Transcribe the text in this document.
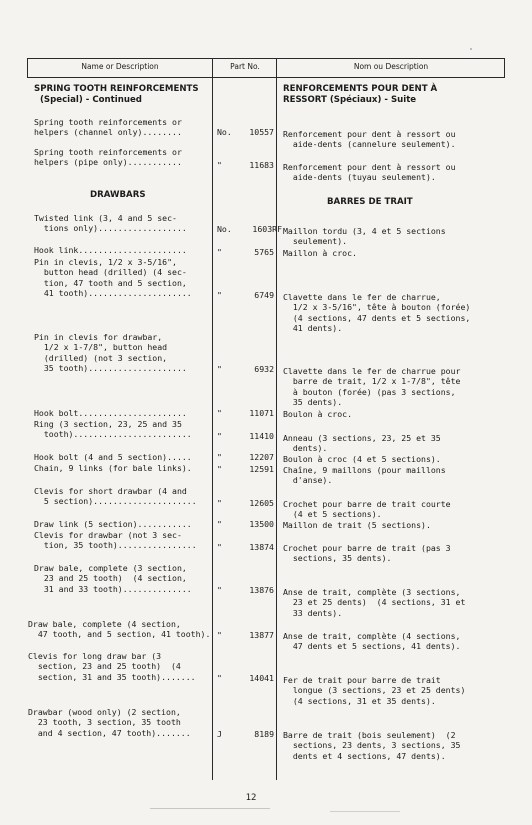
Name or Description	Part No.	Nom ou Description
SPRING TOOTH REINFORCEMENTS
(Special) - Continued
RENFORCEMENTS POUR DENT À
RESSORT (Spéciaux) - Suite
Spring tooth reinforcements or
helpers (channel only)........	No. 10557 Renforcement pour dent à ressort ou
aide-dents (cannelure seulement).
Spring tooth reinforcements or
helpers (pipe only)...........	"	11683 Renforcement pour dent à ressort ou
aide-dents (tuyau seulement).
DRAWBARS
BARRES DE TRAIT
Twisted link (3, 4 and 5 sec-
tions only)..................	No.	1603RF Maillon tordu (3, 4 et 5 sections
seulement).
Hook link......................	"	5765 Maillon à croc.
Pin in clevis, 1/2 x 3-5/16",
button head (drilled) (4 sec-
tion, 47 tooth and 5 section,
41 tooth).....................	"	6749 Clavette dans le fer de charrue,
1/2 x 3-5/16", tête à bouton (forée)
(4 sections, 47 dents et 5 sections,
41 dents).
Pin in clevis for drawbar,
1/2 x 1-7/8", button head
(drilled) (not 3 section,
35 tooth)....................	"	6932 Clavette dans le fer de charrue pour
barre de trait, 1/2 x 1-7/8", tête
à bouton (forée) (pas 3 sections,
35 dents).
Hook bolt......................	"	11071 Boulon à croc.
Ring (3 section, 23, 25 and 35
tooth)........................	"	11410 Anneau (3 sections, 23, 25 et 35
dents).
Hook bolt (4 and 5 section).....	"	12207 Boulon à croc (4 et 5 sections).
Chain, 9 links (for bale links).	"	12591 Chaîne, 9 maillons (pour maillons
d'anse).
Clevis for short drawbar (4 and
5 section)..................... "	12605 Crochet pour barre de trait courte
(4 et 5 sections).
Draw link (5 section)...........	"	13500 Maillon de trait (5 sections).
Clevis for drawbar (not 3 sec-
tion, 35 tooth)................ "	13874 Crochet pour barre de trait (pas 3
sections, 35 dents).
Draw bale, complete (3 section,
23 and 25 tooth)  (4 section,
31 and 33 tooth)..............	"	13876 Anse de trait, complète (3 sections,
23 et 25 dents)  (4 sections, 31 et
33 dents).
Draw bale, complete (4 section,
47 tooth, and 5 section, 41 tooth). "	13877 Anse de trait, complète (4 sections,
47 dents et 5 sections, 41 dents).
Clevis for long draw bar (3
section, 23 and 25 tooth)  (4
section, 31 and 35 tooth).......	"	14041 Fer de trait pour barre de trait
longue (3 sections, 23 et 25 dents)
(4 sections, 31 et 35 dents).
Drawbar (wood only) (2 section,
23 tooth, 3 section, 35 tooth
and 4 section, 47 tooth).......	J	8189 Barre de trait (bois seulement)  (2
sections, 23 dents, 3 sections, 35
dents et 4 sections, 47 dents).
12
